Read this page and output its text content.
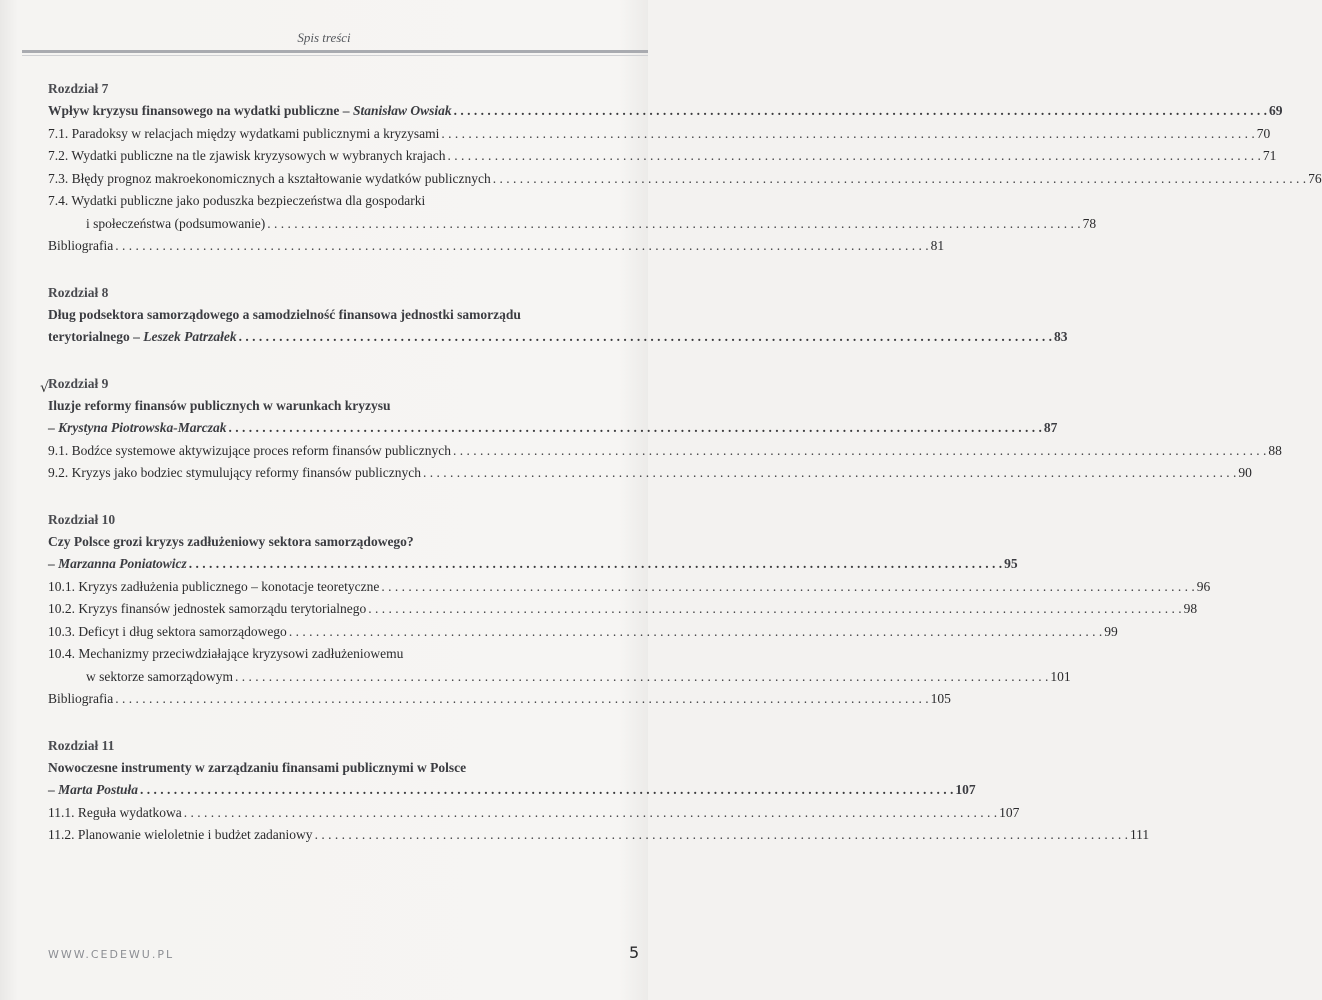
Spis treści
Rozdział 7
Wpływ kryzysu finansowego na wydatki publiczne – Stanisław Owsiak . . .	69
7.1. Paradoksy w relacjach między wydatkami publicznymi a kryzysami . . .	70
7.2. Wydatki publiczne na tle zjawisk kryzysowych w wybranych krajach . . .	71
7.3. Błędy prognoz makroekonomicznych a kształtowanie wydatków publicznych . . .	76
7.4. Wydatki publiczne jako poduszka bezpieczeństwa dla gospodarki
i społeczeństwa (podsumowanie) . . .	78
Bibliografia . . .	81
Rozdział 8
Dług podsektora samorządowego a samodzielność finansowa jednostki samorządu
terytorialnego – Leszek Patrzałek . . .	83
√ Rozdział 9
Iluzje reformy finansów publicznych w warunkach kryzysu
– Krystyna Piotrowska-Marczak . . .	87
9.1. Bodźce systemowe aktywizujące proces reform finansów publicznych . . .	88
9.2. Kryzys jako bodziec stymulujący reformy finansów publicznych . . .	90
Rozdział 10
Czy Polsce grozi kryzys zadłużeniowy sektora samorządowego?
– Marzanna Poniatowicz . . .	95
10.1. Kryzys zadłużenia publicznego – konotacje teoretyczne . . .	96
10.2. Kryzys finansów jednostek samorządu terytorialnego . . .	98
10.3. Deficyt i dług sektora samorządowego . . .	99
10.4. Mechanizmy przeciwdziałające kryzysowi zadłużeniowemu
w sektorze samorządowym . . .	101
Bibliografia . . .	105
Rozdział 11
Nowoczesne instrumenty w zarządzaniu finansami publicznymi w Polsce
– Marta Postuła . . .	107
11.1. Reguła wydatkowa . . .	107
11.2. Planowanie wieloletnie i budżet zadaniowy . . .	111
WWW.CEDEWU.PL	5
